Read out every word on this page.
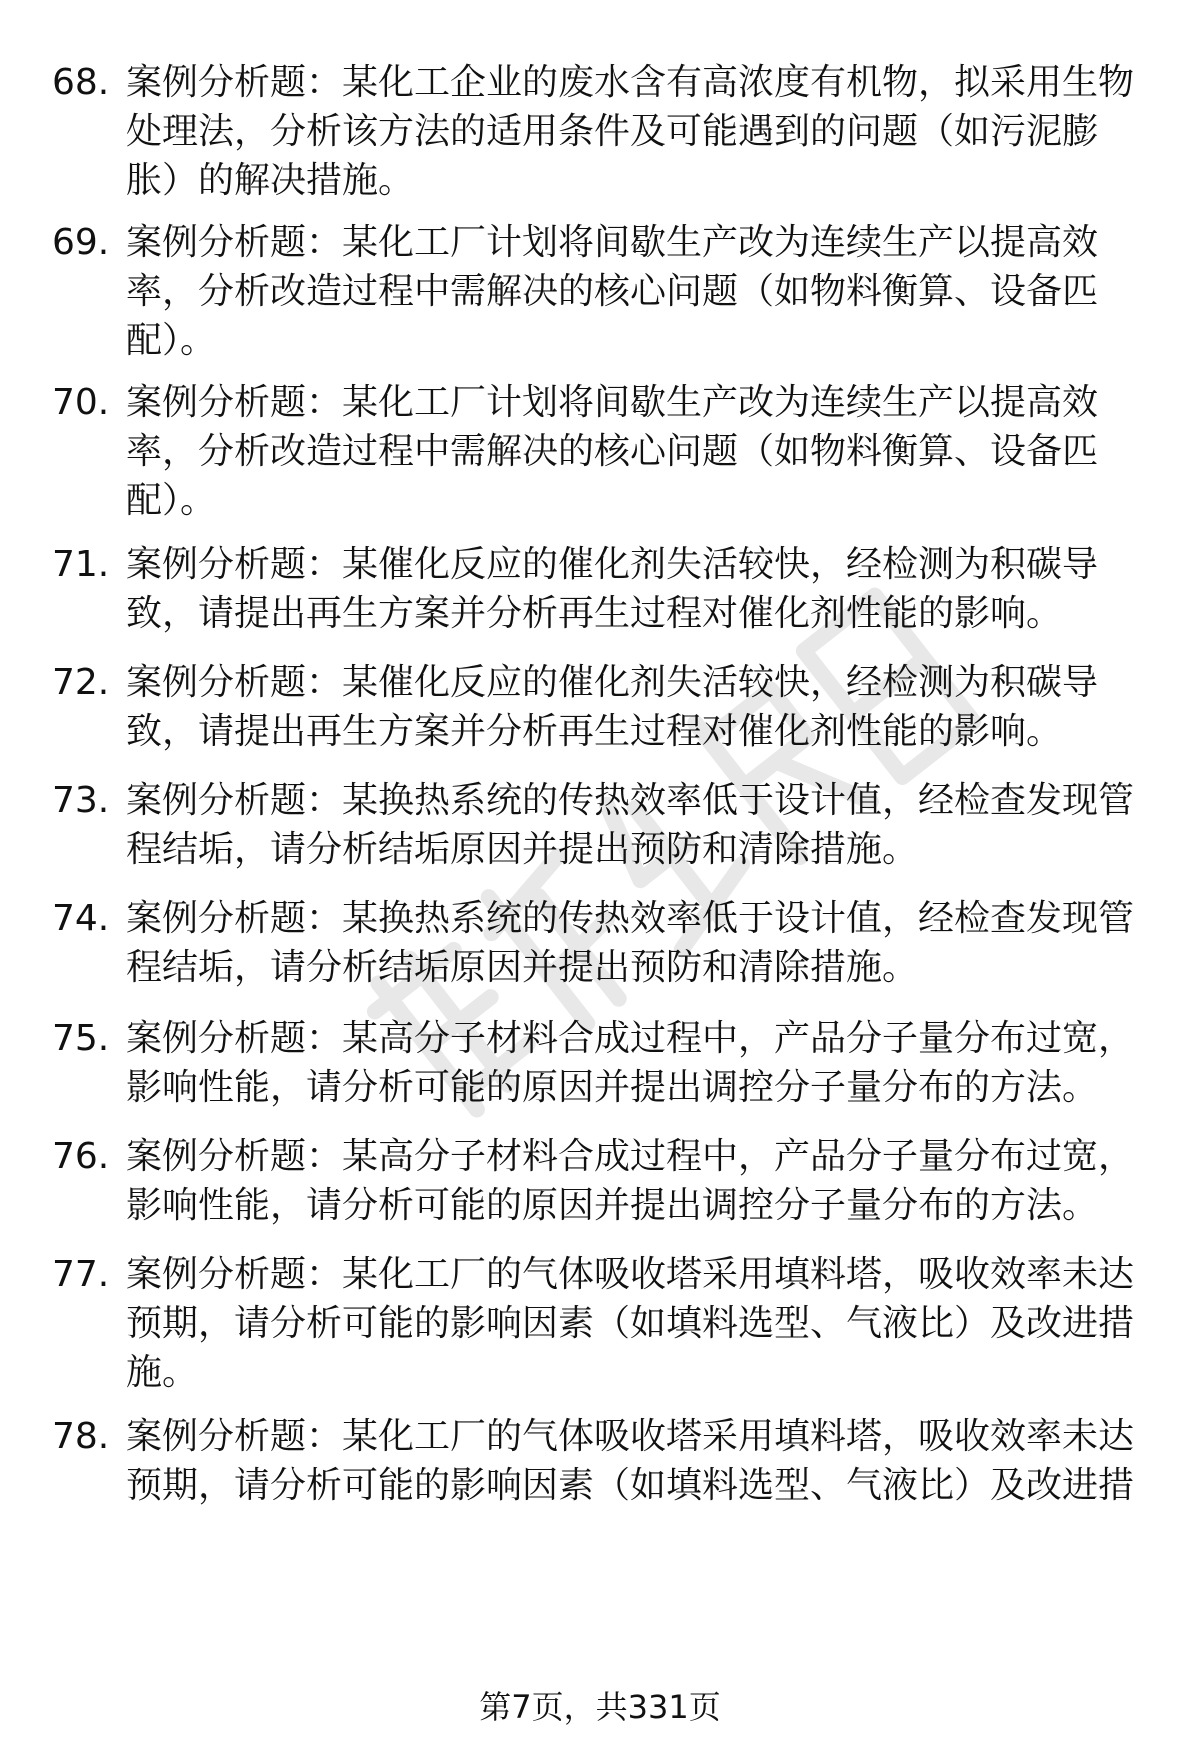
68. 案例分析题：某化工企业的废水含有高浓度有机物，拟采用生物
处理法，分析该方法的适用条件及可能遇到的问题（如污泥膨
胀）的解决措施。
69. 案例分析题：某化工厂计划将间歇生产改为连续生产以提高效
率，分析改造过程中需解决的核心问题（如物料衡算、设备匹
配）。
70. 案例分析题：某化工厂计划将间歇生产改为连续生产以提高效
率，分析改造过程中需解决的核心问题（如物料衡算、设备匹
配）。
71. 案例分析题：某催化反应的催化剂失活较快，经检测为积碳导
致，请提出再生方案并分析再生过程对催化剂性能的影响。
72. 案例分析题：某催化反应的催化剂失活较快，经检测为积碳导
致，请提出再生方案并分析再生过程对催化剂性能的影响。
73. 案例分析题：某换热系统的传热效率低于设计值，经检查发现管
程结垢，请分析结垢原因并提出预防和清除措施。
74. 案例分析题：某换热系统的传热效率低于设计值，经检查发现管
程结垢，请分析结垢原因并提出预防和清除措施。
75. 案例分析题：某高分子材料合成过程中，产品分子量分布过宽，
影响性能，请分析可能的原因并提出调控分子量分布的方法。
76. 案例分析题：某高分子材料合成过程中，产品分子量分布过宽，
影响性能，请分析可能的原因并提出调控分子量分布的方法。
77. 案例分析题：某化工厂的气体吸收塔采用填料塔，吸收效率未达
预期，请分析可能的影响因素（如填料选型、气液比）及改进措
施。
78. 案例分析题：某化工厂的气体吸收塔采用填料塔，吸收效率未达
预期，请分析可能的影响因素（如填料选型、气液比）及改进措
第7页，共331页
